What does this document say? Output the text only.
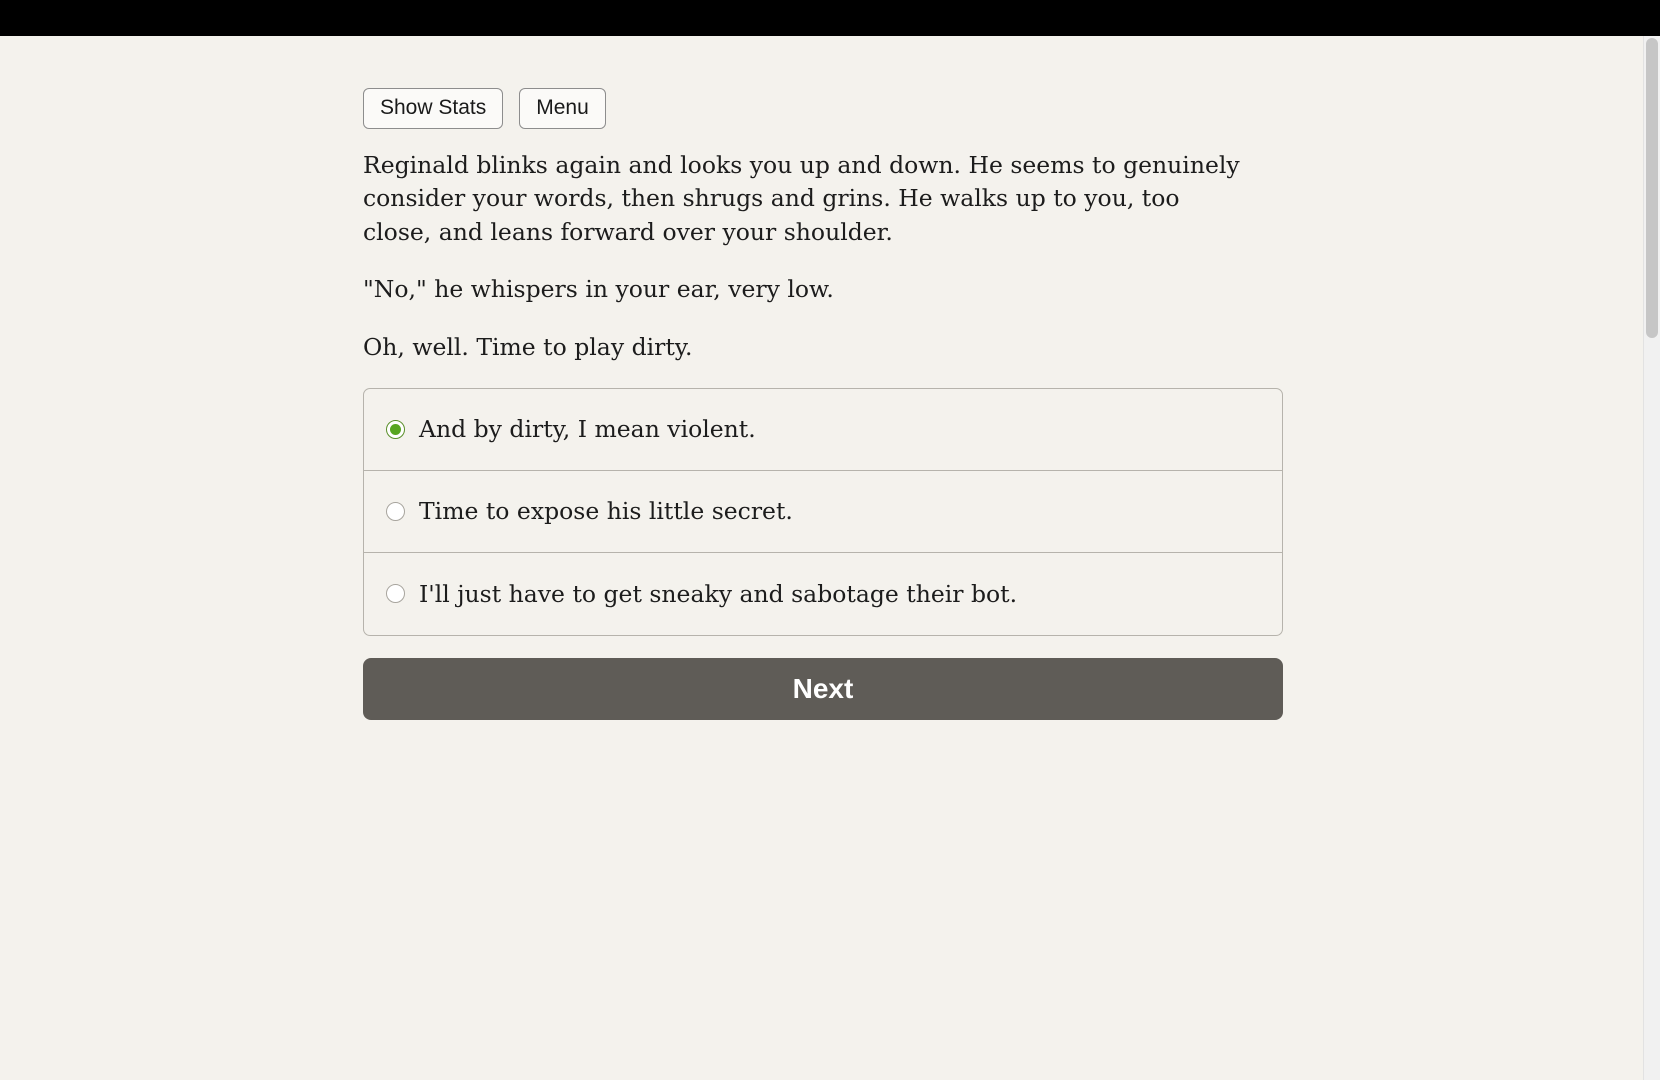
Show Stats	Menu

Reginald blinks again and looks you up and down. He seems to genuinely consider your words, then shrugs and grins. He walks up to you, too close, and leans forward over your shoulder.

"No," he whispers in your ear, very low.

Oh, well. Time to play dirty.

And by dirty, I mean violent.
Time to expose his little secret.
I'll just have to get sneaky and sabotage their bot.
Next
